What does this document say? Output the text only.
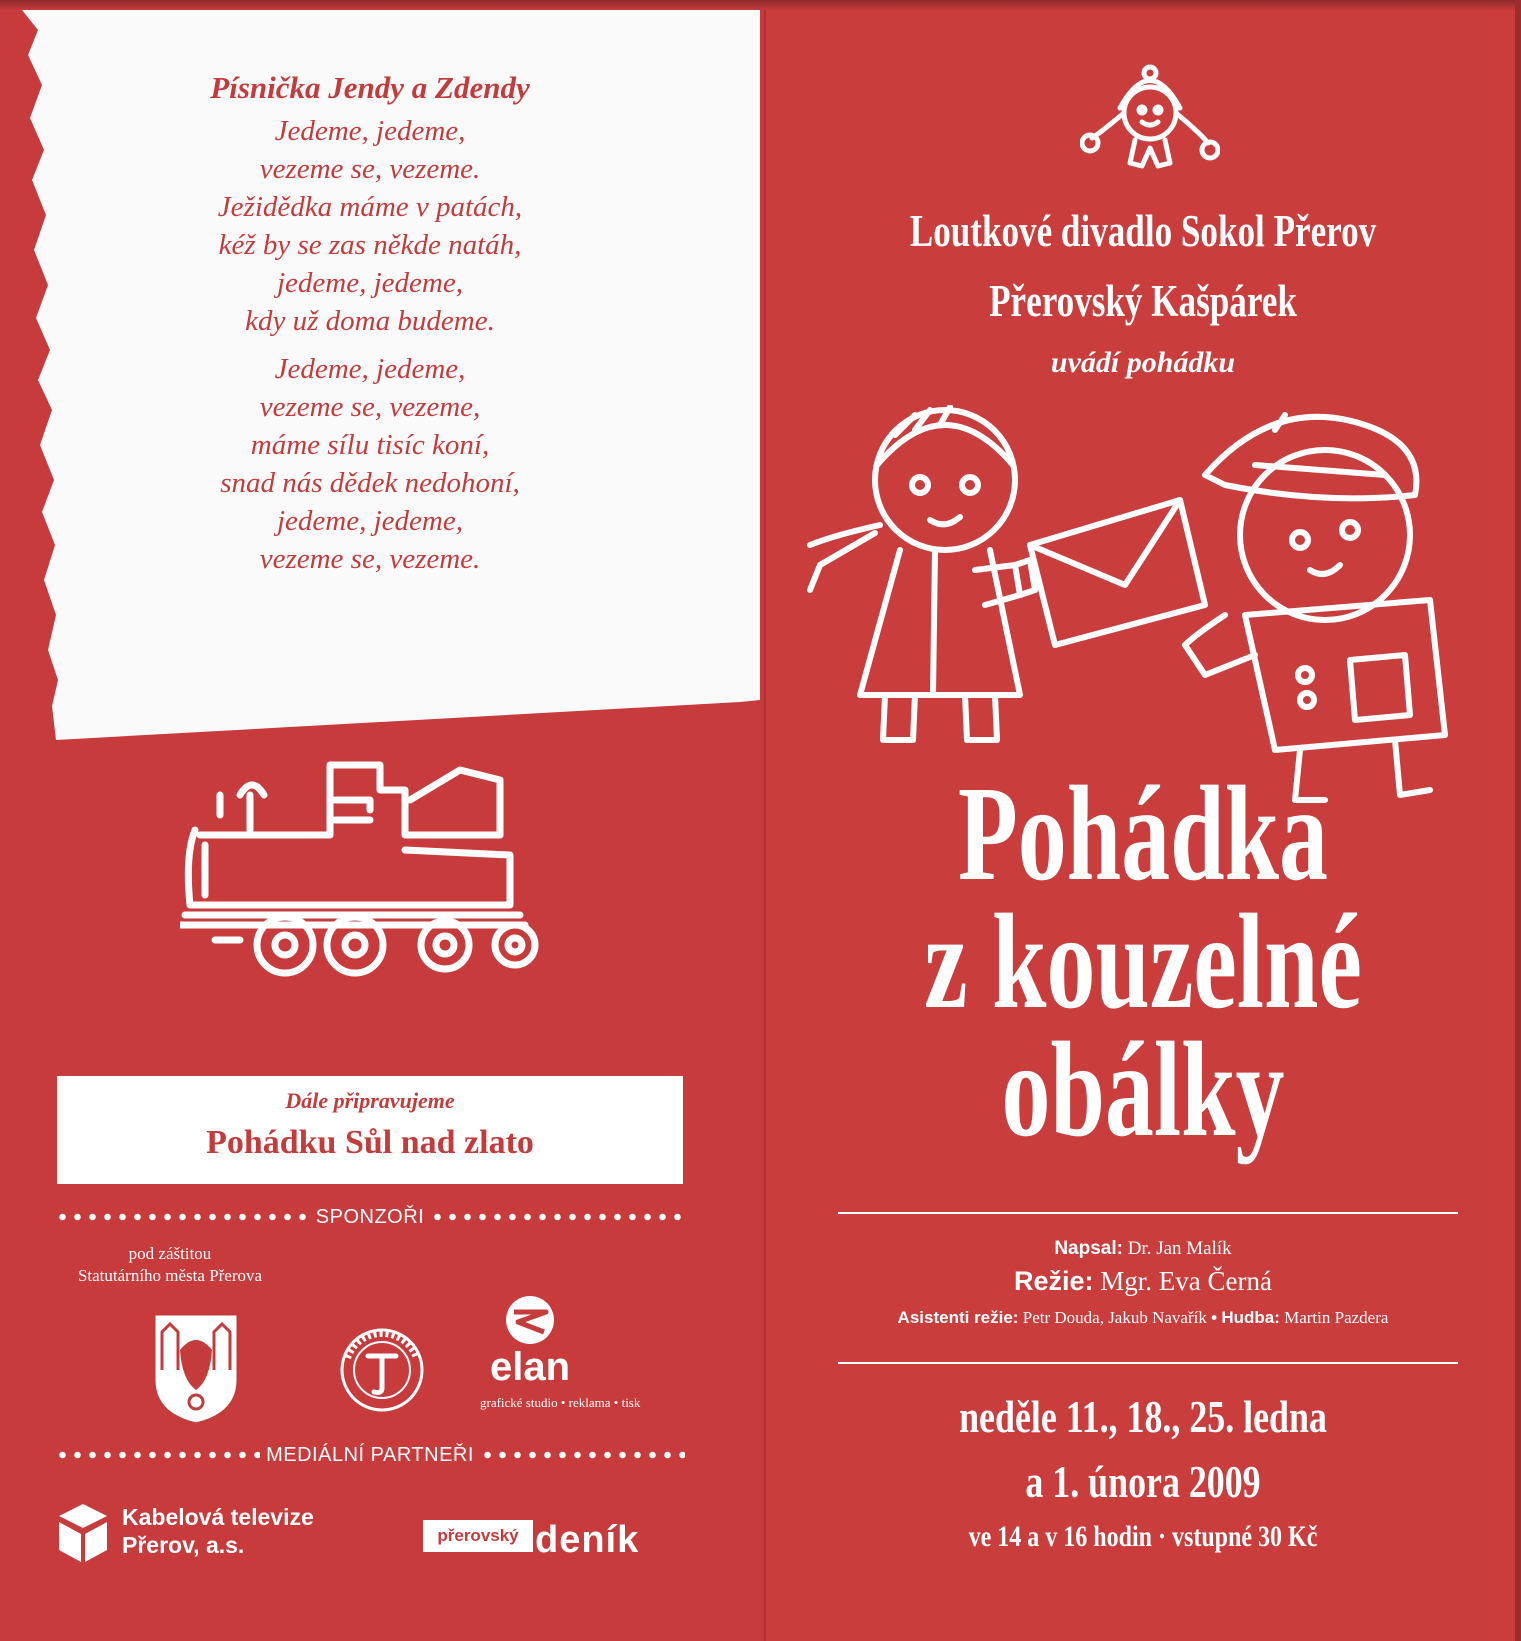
Písnička Jendy a Zdendy
Jedeme, jedeme,
vezeme se, vezeme.
Ježidědka máme v patách,
kéž by se zas někde natáh,
jedeme, jedeme,
kdy už doma budeme.
Jedeme, jedeme,
vezeme se, vezeme,
máme sílu tisíc koní,
snad nás dědek nedohoní,
jedeme, jedeme,
vezeme se, vezeme.
Dále připravujeme
Pohádku Sůl nad zlato
SPONZOŘI
pod záštitou
Statutárního města Přerova
elan
grafické studio • reklama • tisk
MEDIÁLNÍ PARTNEŘI
Kabelová televize
Přerov, a.s.	přerovský deník
Loutkové divadlo Sokol Přerov
Přerovský Kašpárek
uvádí pohádku
Pohádka
z kouzelné
obálky
Napsal: Dr. Jan Malík
Režie: Mgr. Eva Černá
Asistenti režie: Petr Douda, Jakub Navařík • Hudba: Martin Pazdera
neděle 11., 18., 25. ledna
a 1. února 2009
ve 14 a v 16 hodin · vstupné 30 Kč
